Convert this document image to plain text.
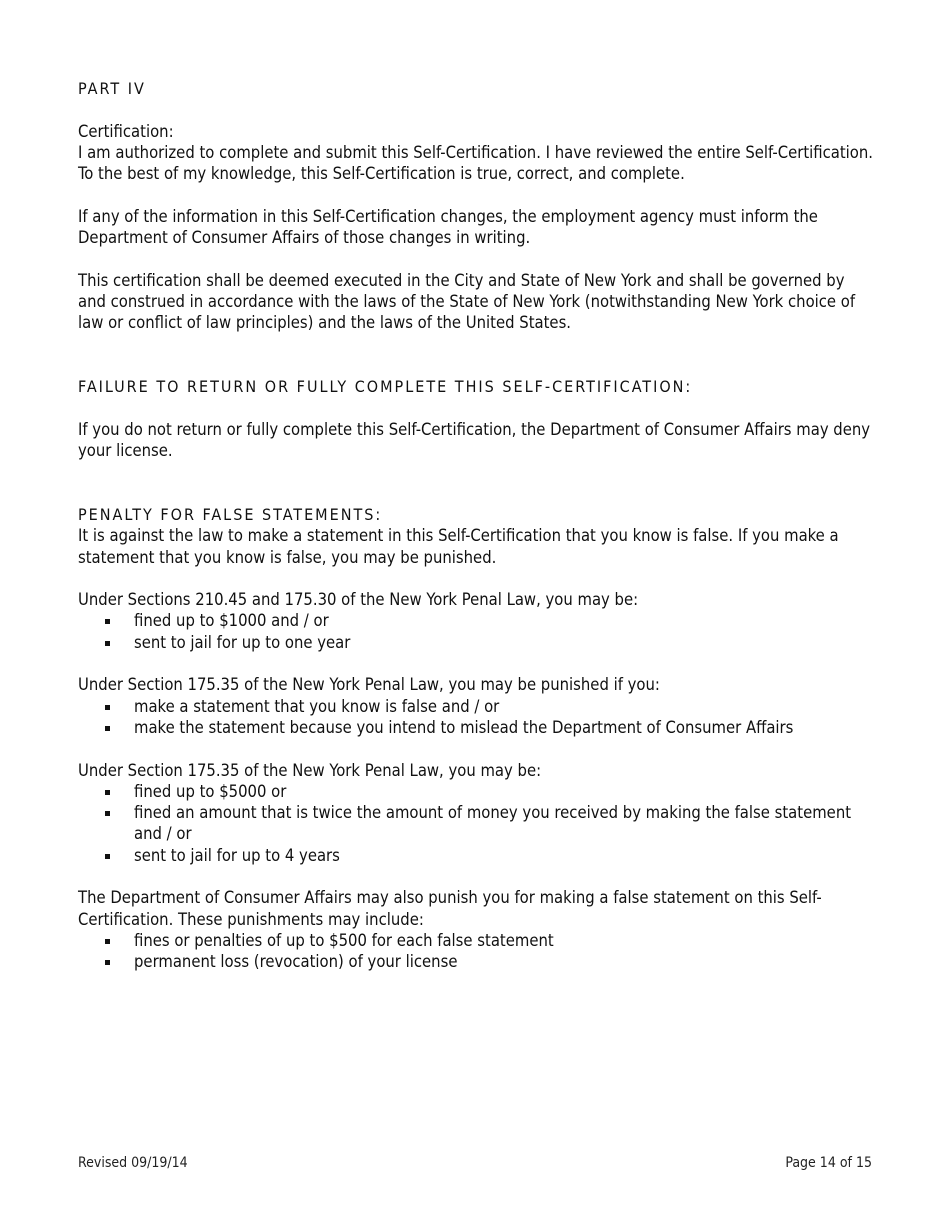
PART IV
Certification:
I am authorized to complete and submit this Self-Certification. I have reviewed the entire Self-Certification. To the best of my knowledge, this Self-Certification is true, correct, and complete.
If any of the information in this Self-Certification changes, the employment agency must inform the Department of Consumer Affairs of those changes in writing.
This certification shall be deemed executed in the City and State of New York and shall be governed by and construed in accordance with the laws of the State of New York (notwithstanding New York choice of law or conflict of law principles) and the laws of the United States.
FAILURE TO RETURN OR FULLY COMPLETE THIS SELF-CERTIFICATION:
If you do not return or fully complete this Self-Certification, the Department of Consumer Affairs may deny your license.
PENALTY FOR FALSE STATEMENTS:
It is against the law to make a statement in this Self-Certification that you know is false. If you make a statement that you know is false, you may be punished.
Under Sections 210.45 and 175.30 of the New York Penal Law, you may be:
fined up to $1000 and / or
sent to jail for up to one year
Under Section 175.35 of the New York Penal Law, you may be punished if you:
make a statement that you know is false and / or
make the statement because you intend to mislead the Department of Consumer Affairs
Under Section 175.35 of the New York Penal Law, you may be:
fined up to $5000 or
fined an amount that is twice the amount of money you received by making the false statement and / or
sent to jail for up to 4 years
The Department of Consumer Affairs may also punish you for making a false statement on this Self-Certification. These punishments may include:
fines or penalties of up to $500 for each false statement
permanent loss (revocation) of your license
Revised 09/19/14	Page 14 of 15
